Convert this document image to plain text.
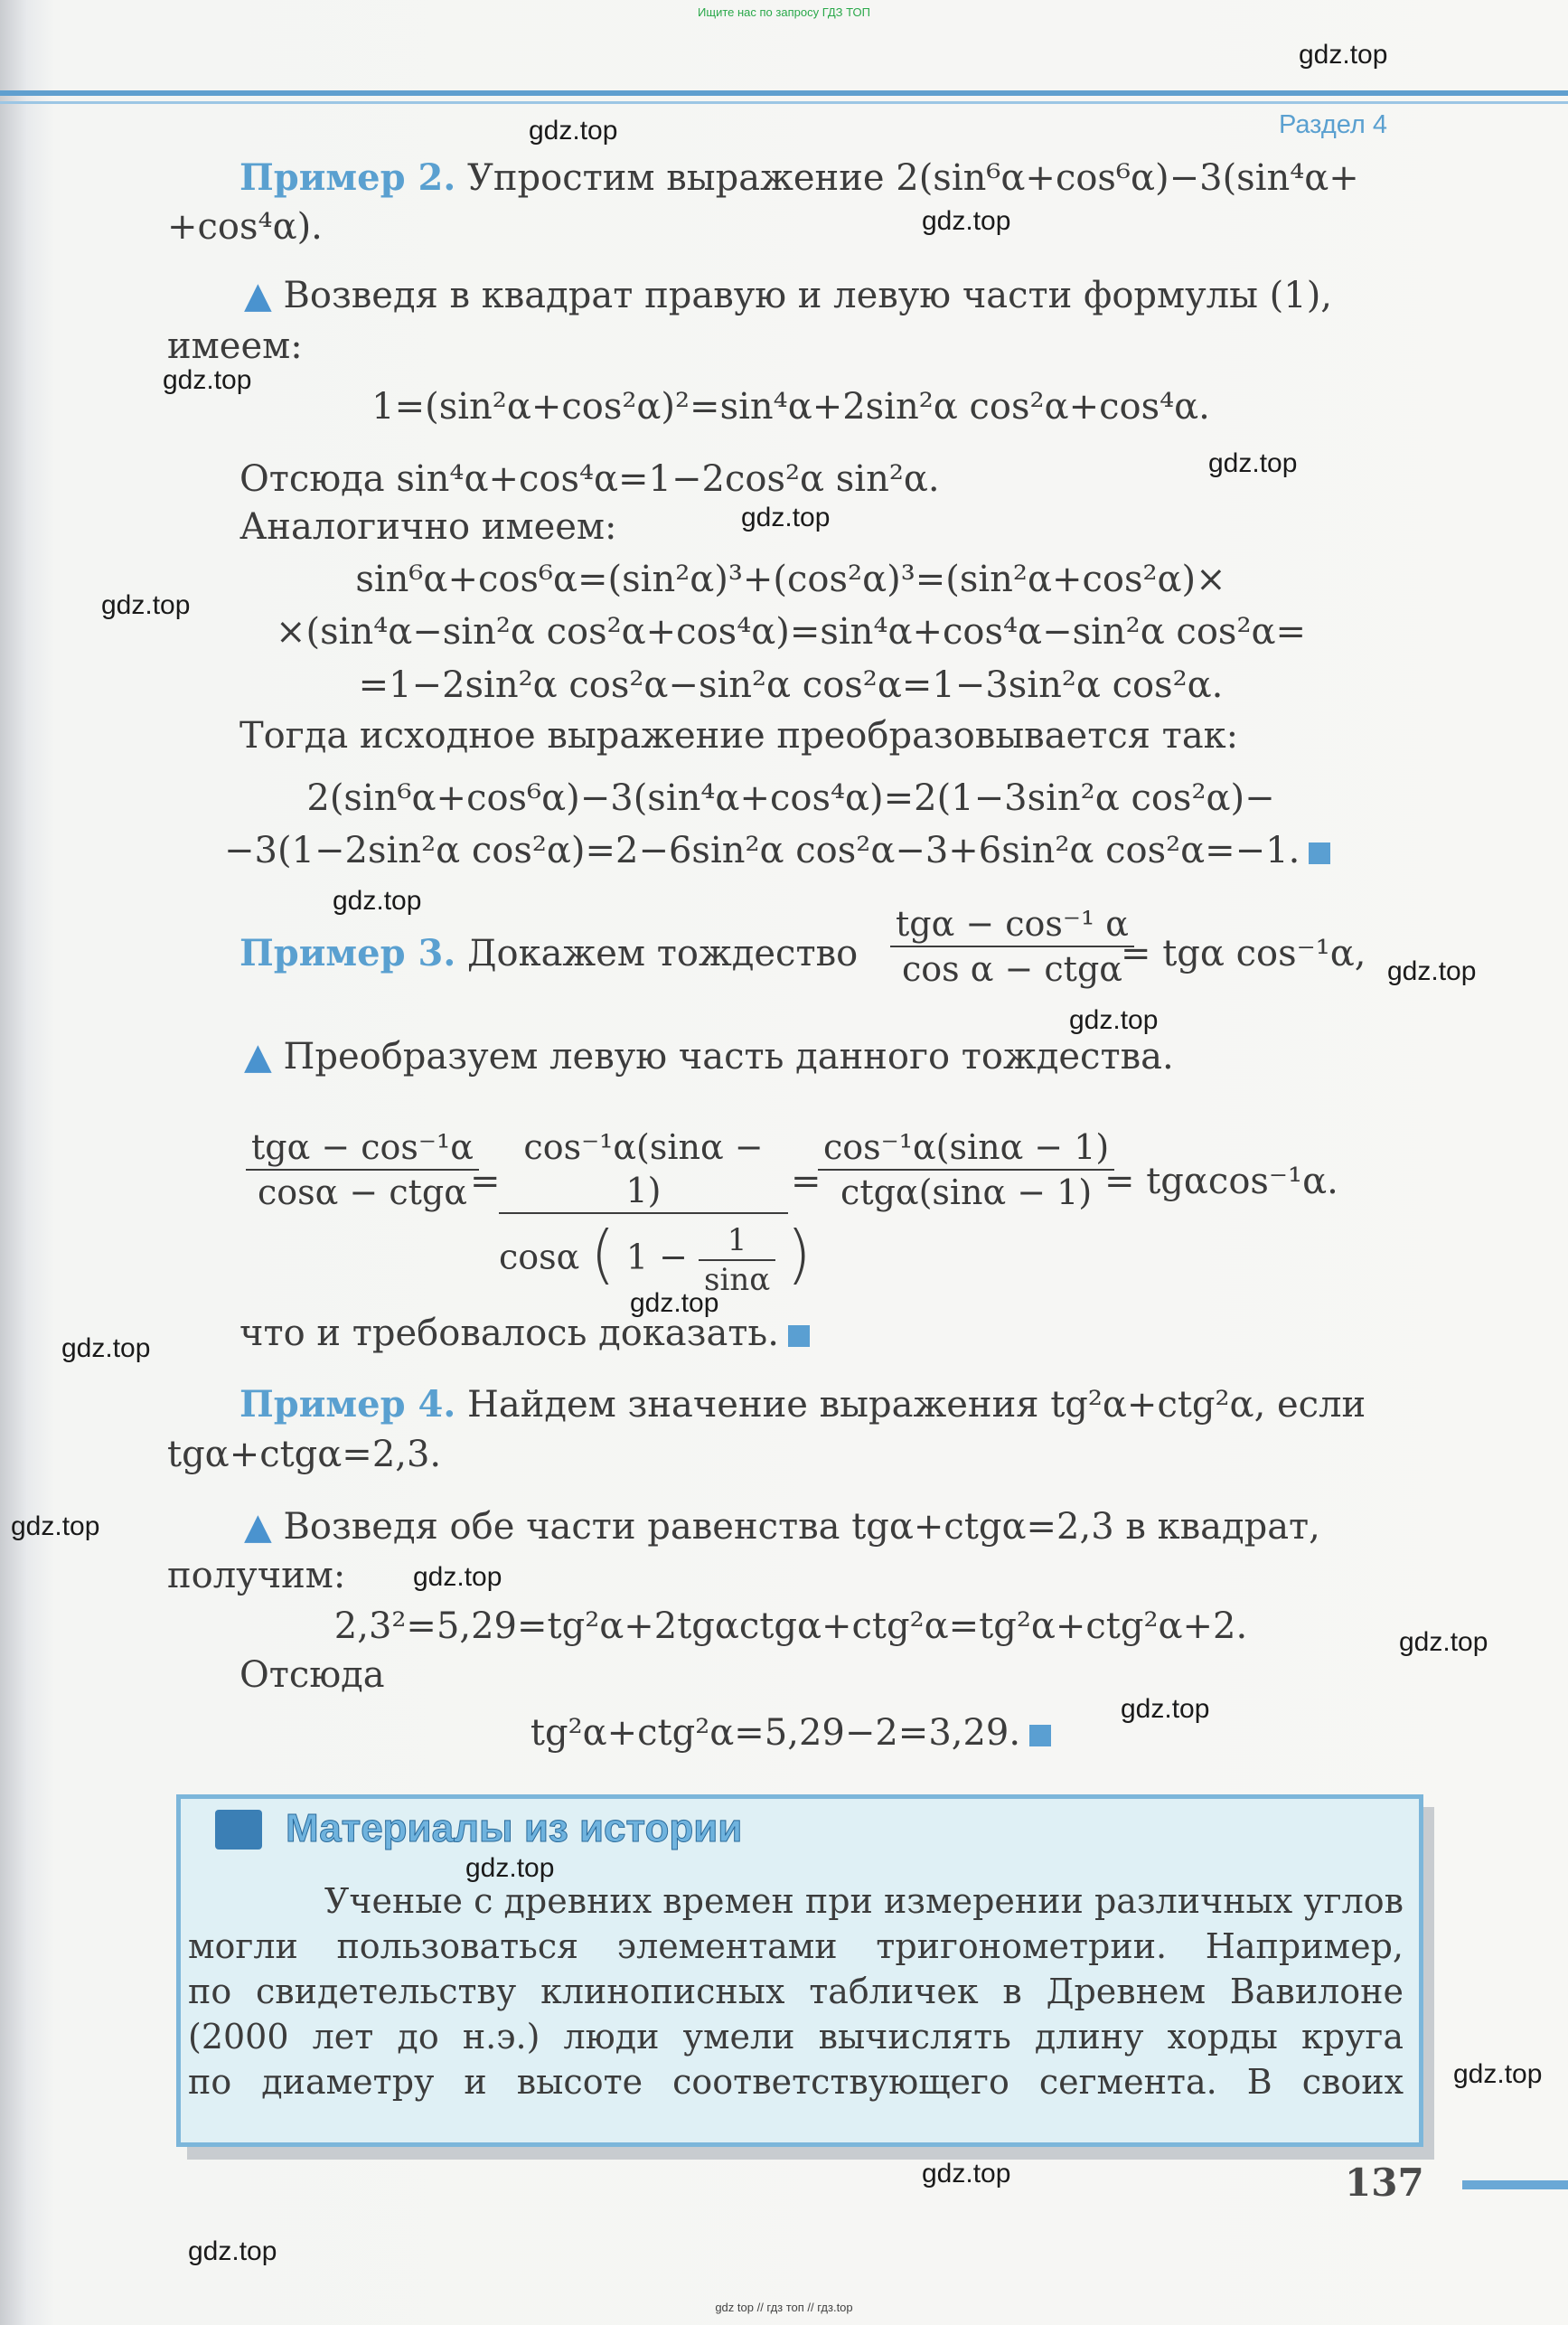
Ищите нас по запросу ГДЗ ТОП
Раздел 4
Пример 2. Упростим выражение 2(sin⁶α+cos⁶α)−3(sin⁴α+
+cos⁴α).
▲ Возведя в квадрат правую и левую части формулы (1),
имеем:
1=(sin²α+cos²α)²=sin⁴α+2sin²α cos²α+cos⁴α.
Отсюда sin⁴α+cos⁴α=1−2cos²α sin²α.
Аналогично имеем:
sin⁶α+cos⁶α=(sin²α)³+(cos²α)³=(sin²α+cos²α)×
×(sin⁴α−sin²α cos²α+cos⁴α)=sin⁴α+cos⁴α−sin²α cos²α=
=1−2sin²α cos²α−sin²α cos²α=1−3sin²α cos²α.
Тогда исходное выражение преобразовывается так:
2(sin⁶α+cos⁶α)−3(sin⁴α+cos⁴α)=2(1−3sin²α cos²α)−
−3(1−2sin²α cos²α)=2−6sin²α cos²α−3+6sin²α cos²α=−1.
Пример 3. Докажем тождество $\frac{\text{tgα − cos⁻¹ α}}{\text{cos α − ctgα}}$
= tgα cos⁻¹α,
▲ Преобразуем левую часть данного тождества.
$\frac{\text{tgα − cos⁻¹α}}{\text{cosα − ctgα}}$
=
cos⁻¹α(sinα − 1)
cosα ( $1 - \frac{1}{\sin\alpha}$ )
=
$\frac{\text{cos⁻¹α(sinα − 1)}}{\text{ctgα(sinα − 1)}}$
= tgαcos⁻¹α.
что и требовалось доказать.
Пример 4. Найдем значение выражения tg²α+ctg²α, если
tgα+ctgα=2,3.
▲ Возведя обе части равенства tgα+ctgα=2,3 в квадрат,
получим:
2,3²=5,29=tg²α+2tgαctgα+ctg²α=tg²α+ctg²α+2.
Отсюда
tg²α+ctg²α=5,29−2=3,29.
Материалы из истории
Ученые с древних времен при измерении различных углов
могли пользоваться элементами тригонометрии. Например,
по свидетельству клинописных табличек в Древнем Вавилоне
(2000 лет до н.э.) люди умели вычислять длину хорды круга
по диаметру и высоте соответствующего сегмента. В своих
137
gdz.top
gdz.top
gdz.top
gdz.top
gdz.top
gdz.top
gdz.top
gdz.top
gdz.top
gdz.top
gdz.top
gdz.top
gdz.top
gdz.top
gdz.top
gdz.top
gdz.top
gdz.top
gdz.top
gdz.top
gdz top // гдз топ // гдз.top
